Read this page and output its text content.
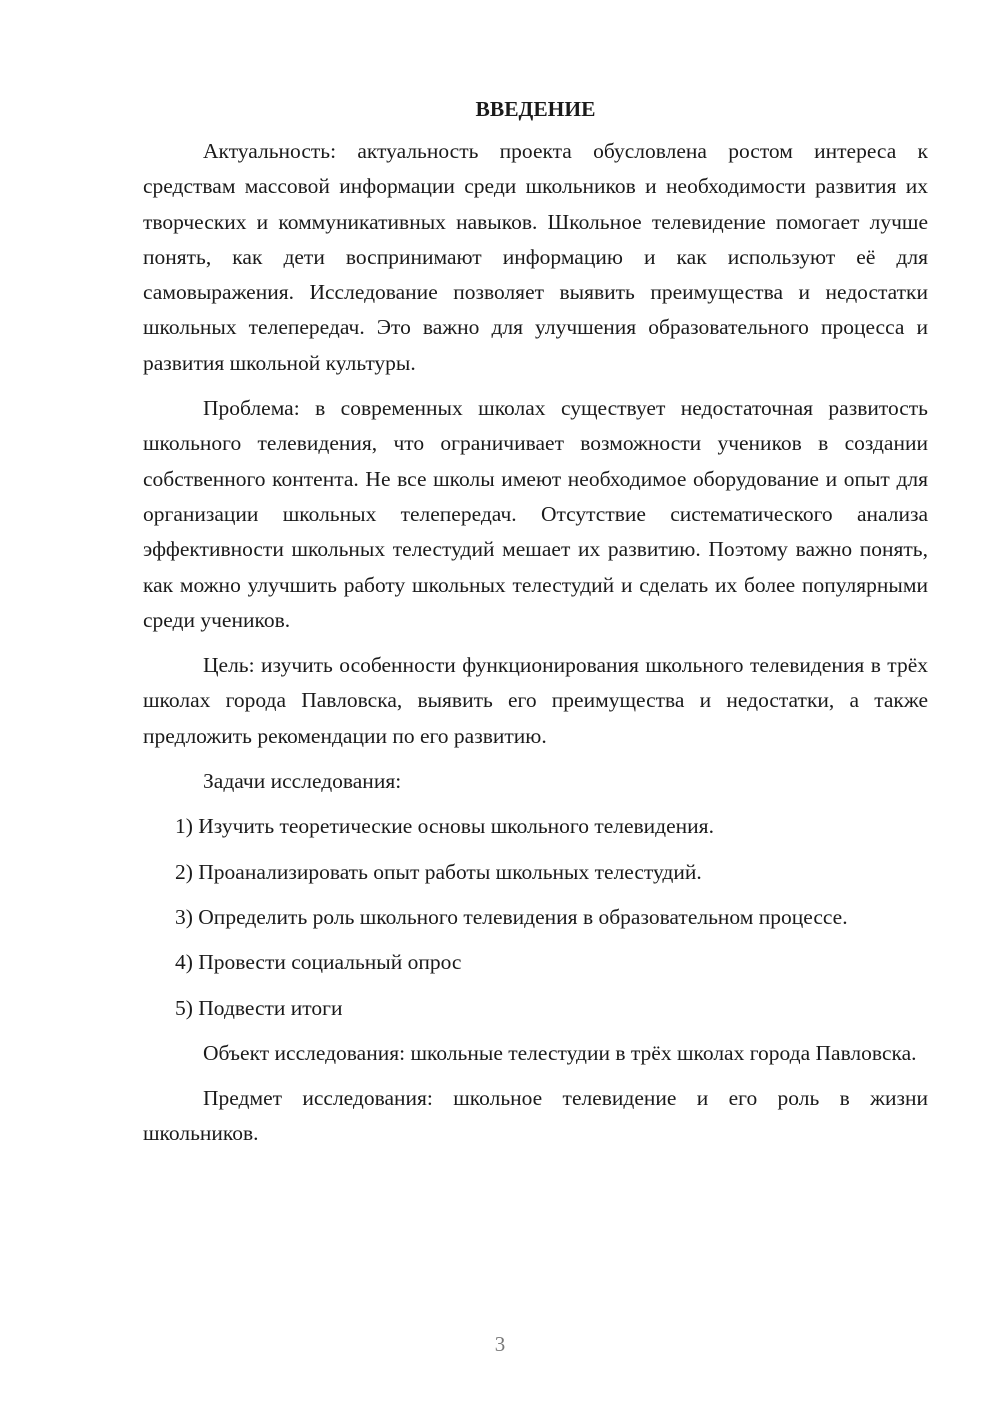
ВВЕДЕНИЕ

Актуальность: актуальность проекта обусловлена ростом интереса к средствам массовой информации среди школьников и необходимости развития их творческих и коммуникативных навыков. Школьное телевидение помогает лучше понять, как дети воспринимают информацию и как используют её для самовыражения. Исследование позволяет выявить преимущества и недостатки школьных телепередач. Это важно для улучшения образовательного процесса и развития школьной культуры.

Проблема: в современных школах существует недостаточная развитость школьного телевидения, что ограничивает возможности учеников в создании собственного контента. Не все школы имеют необходимое оборудование и опыт для организации школьных телепередач. Отсутствие систематического анализа эффективности школьных телестудий мешает их развитию. Поэтому важно понять, как можно улучшить работу школьных телестудий и сделать их более популярными среди учеников.

Цель: изучить особенности функционирования школьного телевидения в трёх школах города Павловска, выявить его преимущества и недостатки, а также предложить рекомендации по его развитию.

Задачи исследования:

1) Изучить теоретические основы школьного телевидения.

2) Проанализировать опыт работы школьных телестудий.

3) Определить роль школьного телевидения в образовательном процессе.

4) Провести социальный опрос

5) Подвести итоги

Объект исследования: школьные телестудии в трёх школах города Павловска.

Предмет исследования: школьное телевидение и его роль в жизни школьников.

3
